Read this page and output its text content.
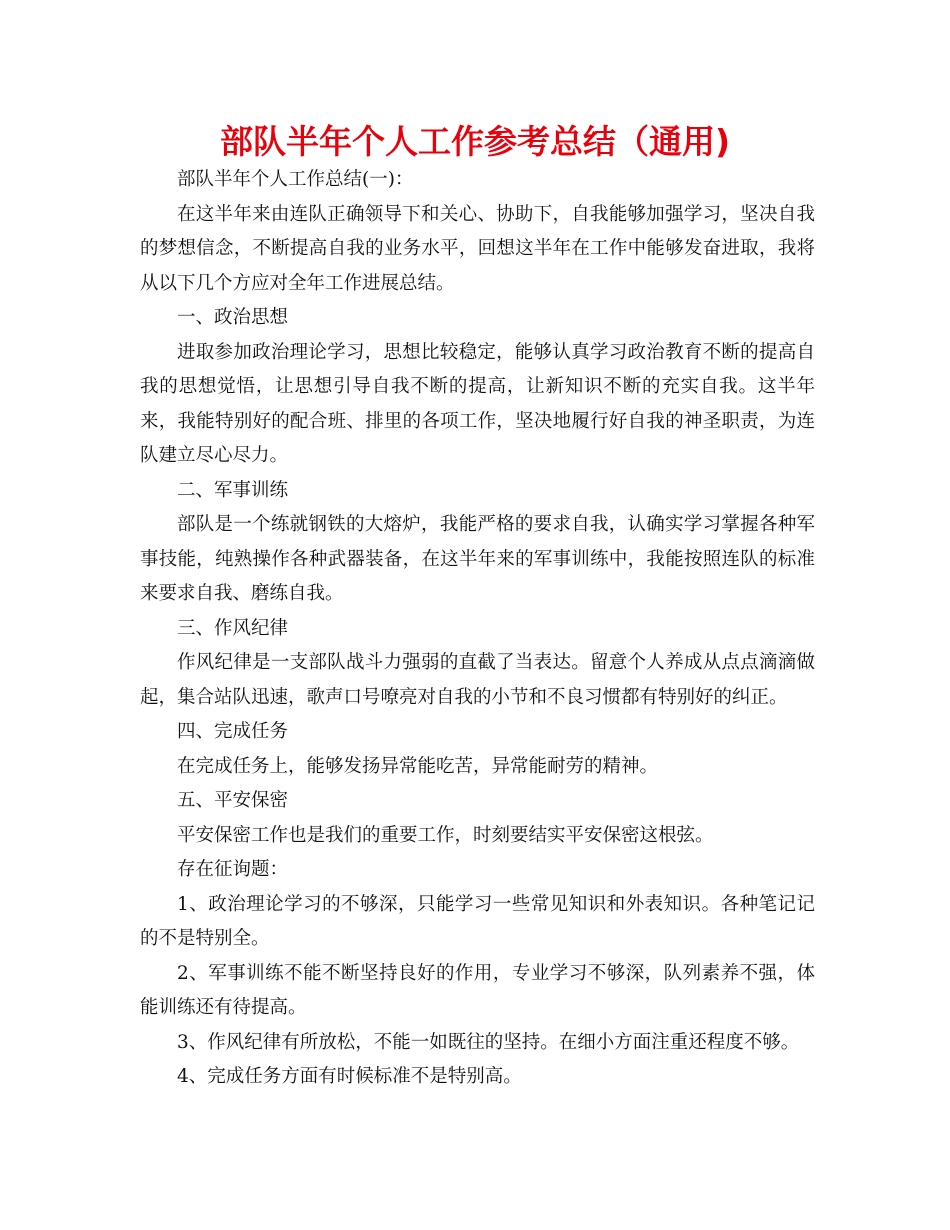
部队半年个人工作参考总结（通用)

部队半年个人工作总结(一)：

在这半年来由连队正确领导下和关心、协助下，自我能够加强学习，坚决自我的梦想信念，不断提高自我的业务水平，回想这半年在工作中能够发奋进取，我将从以下几个方应对全年工作进展总结。

一、政治思想

进取参加政治理论学习，思想比较稳定，能够认真学习政治教育不断的提高自我的思想觉悟，让思想引导自我不断的提高，让新知识不断的充实自我。这半年来，我能特别好的配合班、排里的各项工作，坚决地履行好自我的神圣职责，为连队建立尽心尽力。

二、军事训练

部队是一个练就钢铁的大熔炉，我能严格的要求自我，认确实学习掌握各种军事技能，纯熟操作各种武器装备，在这半年来的军事训练中，我能按照连队的标准来要求自我、磨练自我。

三、作风纪律

作风纪律是一支部队战斗力强弱的直截了当表达。留意个人养成从点点滴滴做起，集合站队迅速，歌声口号嘹亮对自我的小节和不良习惯都有特别好的纠正。

四、完成任务

在完成任务上，能够发扬异常能吃苦，异常能耐劳的精神。

五、平安保密

平安保密工作也是我们的重要工作，时刻要结实平安保密这根弦。

存在征询题：

1、政治理论学习的不够深，只能学习一些常见知识和外表知识。各种笔记记的不是特别全。

2、军事训练不能不断坚持良好的作用，专业学习不够深，队列素养不强，体能训练还有待提高。

3、作风纪律有所放松，不能一如既往的坚持。在细小方面注重还程度不够。

4、完成任务方面有时候标准不是特别高。
